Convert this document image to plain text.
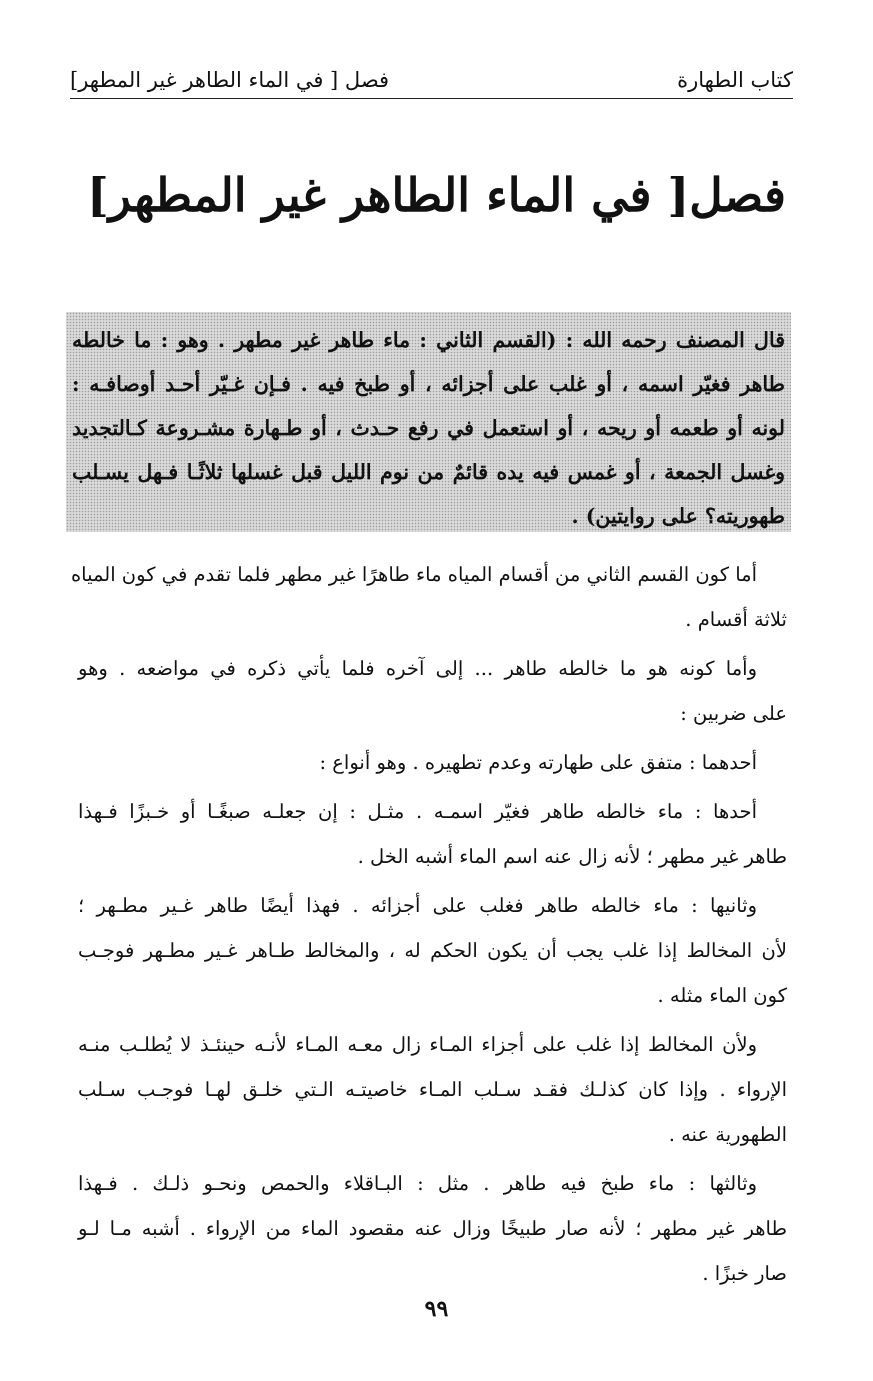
كتاب الطهارة
فصل [ في الماء الطاهر غير المطهر]
فصل[ في الماء الطاهر غير المطهر]
قال المصنف رحمه الله : (القسم الثاني : ماء طاهر غير مطهر . وهو : ما خالطه
طاهر فغيّر اسمه ، أو غلب على أجزائه ، أو طبخ فيه . فـإن غـيّر أحـد أوصافـه :
لونه أو طعمه أو ريحه ، أو استعمل في رفع حـدث ، أو طـهارة مشـروعة كـالتجديد
وغسل الجمعة ، أو غمس فيه يده قائمٌ من نوم الليل قبل غسلها ثلاثًـا فـهل يسـلب
طهوريته؟ على روايتين) .
أما كون القسم الثاني من أقسام المياه ماء طاهرًا غير مطهر فلما تقدم في كون المياه
ثلاثة أقسام .
وأما كونه هو ما خالطه طاهر ... إلى آخره فلما يأتي ذكره في مواضعه . وهو
على ضربين :
أحدهما : متفق على طهارته وعدم تطهيره . وهو أنواع :
أحدها : ماء خالطه طاهر فغيّر اسمـه . مثـل : إن جعلـه صبغًـا أو خـبزًا فـهذا
طاهر غير مطهر ؛ لأنه زال عنه اسم الماء أشبه الخل .
وثانيها : ماء خالطه طاهر فغلب على أجزائه . فهذا أيضًا طاهر غـير مطـهر ؛
لأن المخالط إذا غلب يجب أن يكون الحكم له ، والمخالط طـاهر غـير مطـهر فوجـب
كون الماء مثله .
ولأن المخالط إذا غلب على أجزاء المـاء زال معـه المـاء لأنـه حينئـذ لا يُطلـب منـه
الإرواء . وإذا كان كذلـك فقـد سـلب المـاء خاصيتـه الـتي خلـق لهـا فوجـب سـلب
الطهورية عنه .
وثالثها : ماء طبخ فيه طاهر . مثل : البـاقلاء والحمص ونحـو ذلـك . فـهذا
طاهر غير مطهر ؛ لأنه صار طبيخًا وزال عنه مقصود الماء من الإرواء . أشبه مـا لـو
صار خبزًا .
٩٩
